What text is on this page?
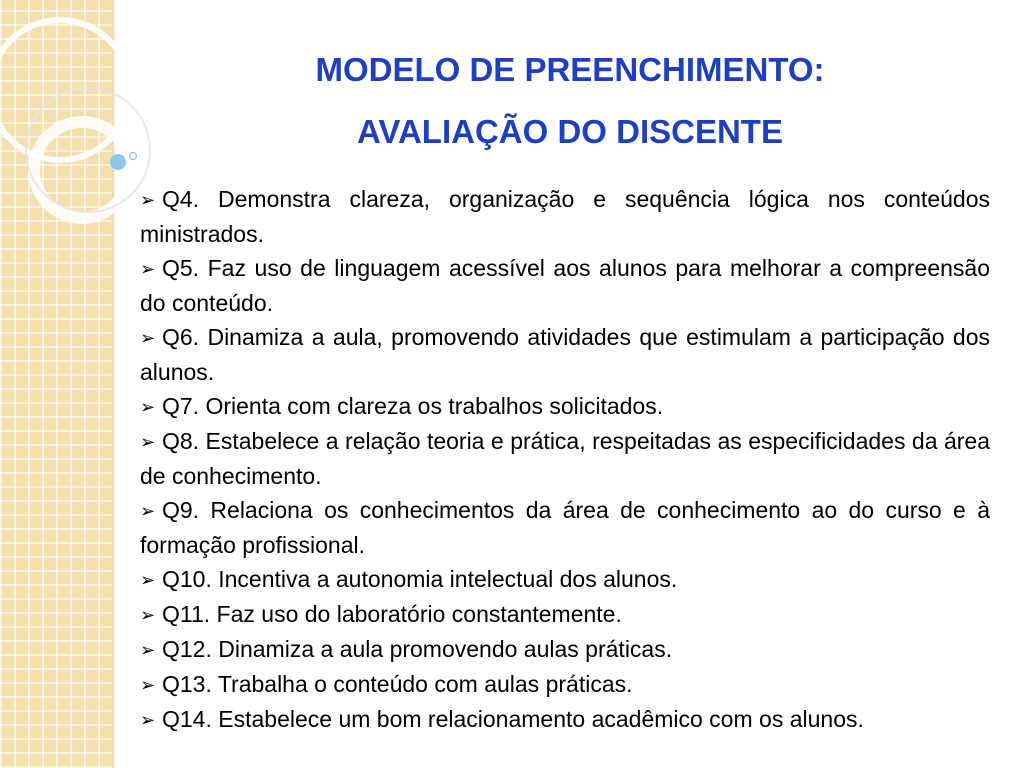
MODELO DE PREENCHIMENTO:
AVALIAÇÃO DO DISCENTE
➢ Q4. Demonstra clareza, organização e sequência lógica nos conteúdos ministrados.
➢ Q5. Faz uso de linguagem acessível aos alunos para melhorar a compreensão do conteúdo.
➢ Q6. Dinamiza a aula, promovendo atividades que estimulam a participação dos alunos.
➢ Q7. Orienta com clareza os trabalhos solicitados.
➢ Q8. Estabelece a relação teoria e prática, respeitadas as especificidades da área de conhecimento.
➢ Q9. Relaciona os conhecimentos da área de conhecimento ao do curso e à formação profissional.
➢ Q10. Incentiva a autonomia intelectual dos alunos.
➢ Q11. Faz uso do laboratório constantemente.
➢ Q12. Dinamiza a aula promovendo aulas práticas.
➢ Q13. Trabalha o conteúdo com aulas práticas.
➢ Q14. Estabelece um bom relacionamento acadêmico com os alunos.
